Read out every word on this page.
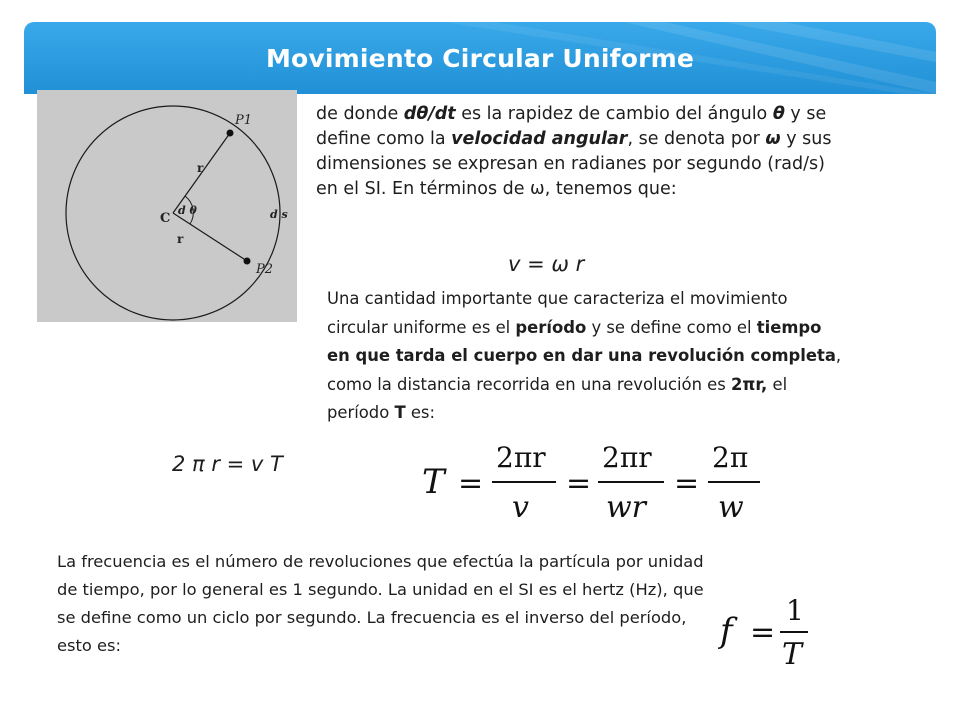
Movimiento Circular Uniforme
P1
P2
r
r
C
d θ	d s
de donde dθ/dt es la rapidez de cambio del ángulo θ y se define como la velocidad angular, se denota por ω y sus dimensiones se expresan en radianes por segundo (rad/s) en el SI. En términos de ω, tenemos que:
v = ω r
Una cantidad importante que caracteriza el movimiento circular uniforme es el período y se define como el tiempo en que tarda el cuerpo en dar una revolución completa, como la distancia recorrida en una revolución es 2πr, el período T es:
2 π r = v T	T =
2πr
v
=
2πr
wr
=
2π
w
La frecuencia es el número de revoluciones que efectúa la partícula por unidad de tiempo, por lo general es 1 segundo. La unidad en el SI es el hertz (Hz), que se define como un ciclo por segundo. La frecuencia es el inverso del período, esto es:	f =
1
T
